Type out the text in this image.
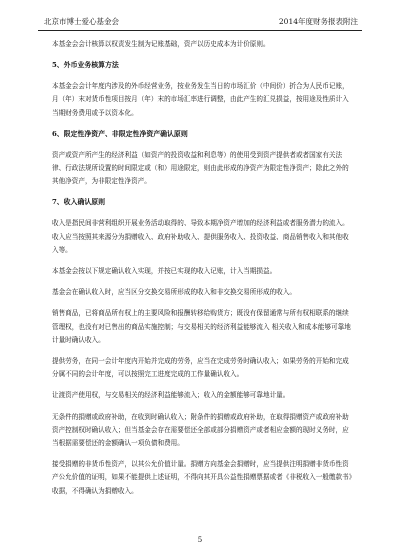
北京市博士爱心基金会	2014年度财务报表附注

本基金会会计核算以权责发生制为记账基础，资产以历史成本为计价原则。

5、外币业务核算方法

本基金会会计年度内涉及的外币经营业务，按业务发生当日的市场汇价（中间价）折合为人民币记账，月（年）末对货币性项目按月（年）末的市场汇率进行调整，由此产生的汇兑损益，按用途及性质计入当期财务费用或予以资本化。

6、限定性净资产、非限定性净资产确认原则

资产或资产所产生的经济利益（如资产的投资收益和利息等）的使用受到资产提供者或者国家有关法律、行政法规所设置的时间限定或（和）用途限定，则由此形成的净资产为限定性净资产；除此之外的其他净资产，为非限定性净资产。

7、收入确认原则

收入是指民间非营利组织开展业务活动取得的、导致本期净资产增加的经济利益或者服务潜力的流入。收入应当按照其来源分为捐赠收入、政府补助收入、提供服务收入、投资收益、商品销售收入和其他收入等。

本基金会按以下规定确认收入实现，并按已实现的收入记账，计入当期损益。

基金会在确认收入时，应当区分交换交易所形成的收入和非交换交易所形成的收入。

销售商品，已将商品所有权上的主要风险和报酬转移给购货方；既没有保留通常与所有权相联系的继续管理权，也没有对已售出的商品实施控制；与交易相关的经济利益能够流入 相关收入和成本能够可靠地计量时确认收入。

提供劳务，在同一会计年度内开始并完成的劳务，应当在完成劳务时确认收入；如果劳务的开始和完成分属不同的会计年度，可以按照完工进度完成的工作量确认收入。

让渡资产使用权，与交易相关的经济利益能够流入；收入的金额能够可靠地计量。

无条件的捐赠或政府补助，在收到时确认收入；附条件的捐赠或政府补助，在取得捐赠资产或政府补助资产控制权时确认收入；但当基金会存在需要偿还全部或部分捐赠资产或者相应金额的现时义务时，应当根据需要偿还的金额确认一项负债和费用。

接受捐赠的非货币性资产，以其公允价值计量。捐赠方向基金会捐赠时，应当提供注明捐赠非货币性资产公允价值的证明，如果不能提供上述证明，不得向其开具公益性捐赠票据或者《非税收入一般缴款书》收据，不得确认为捐赠收入。

5
